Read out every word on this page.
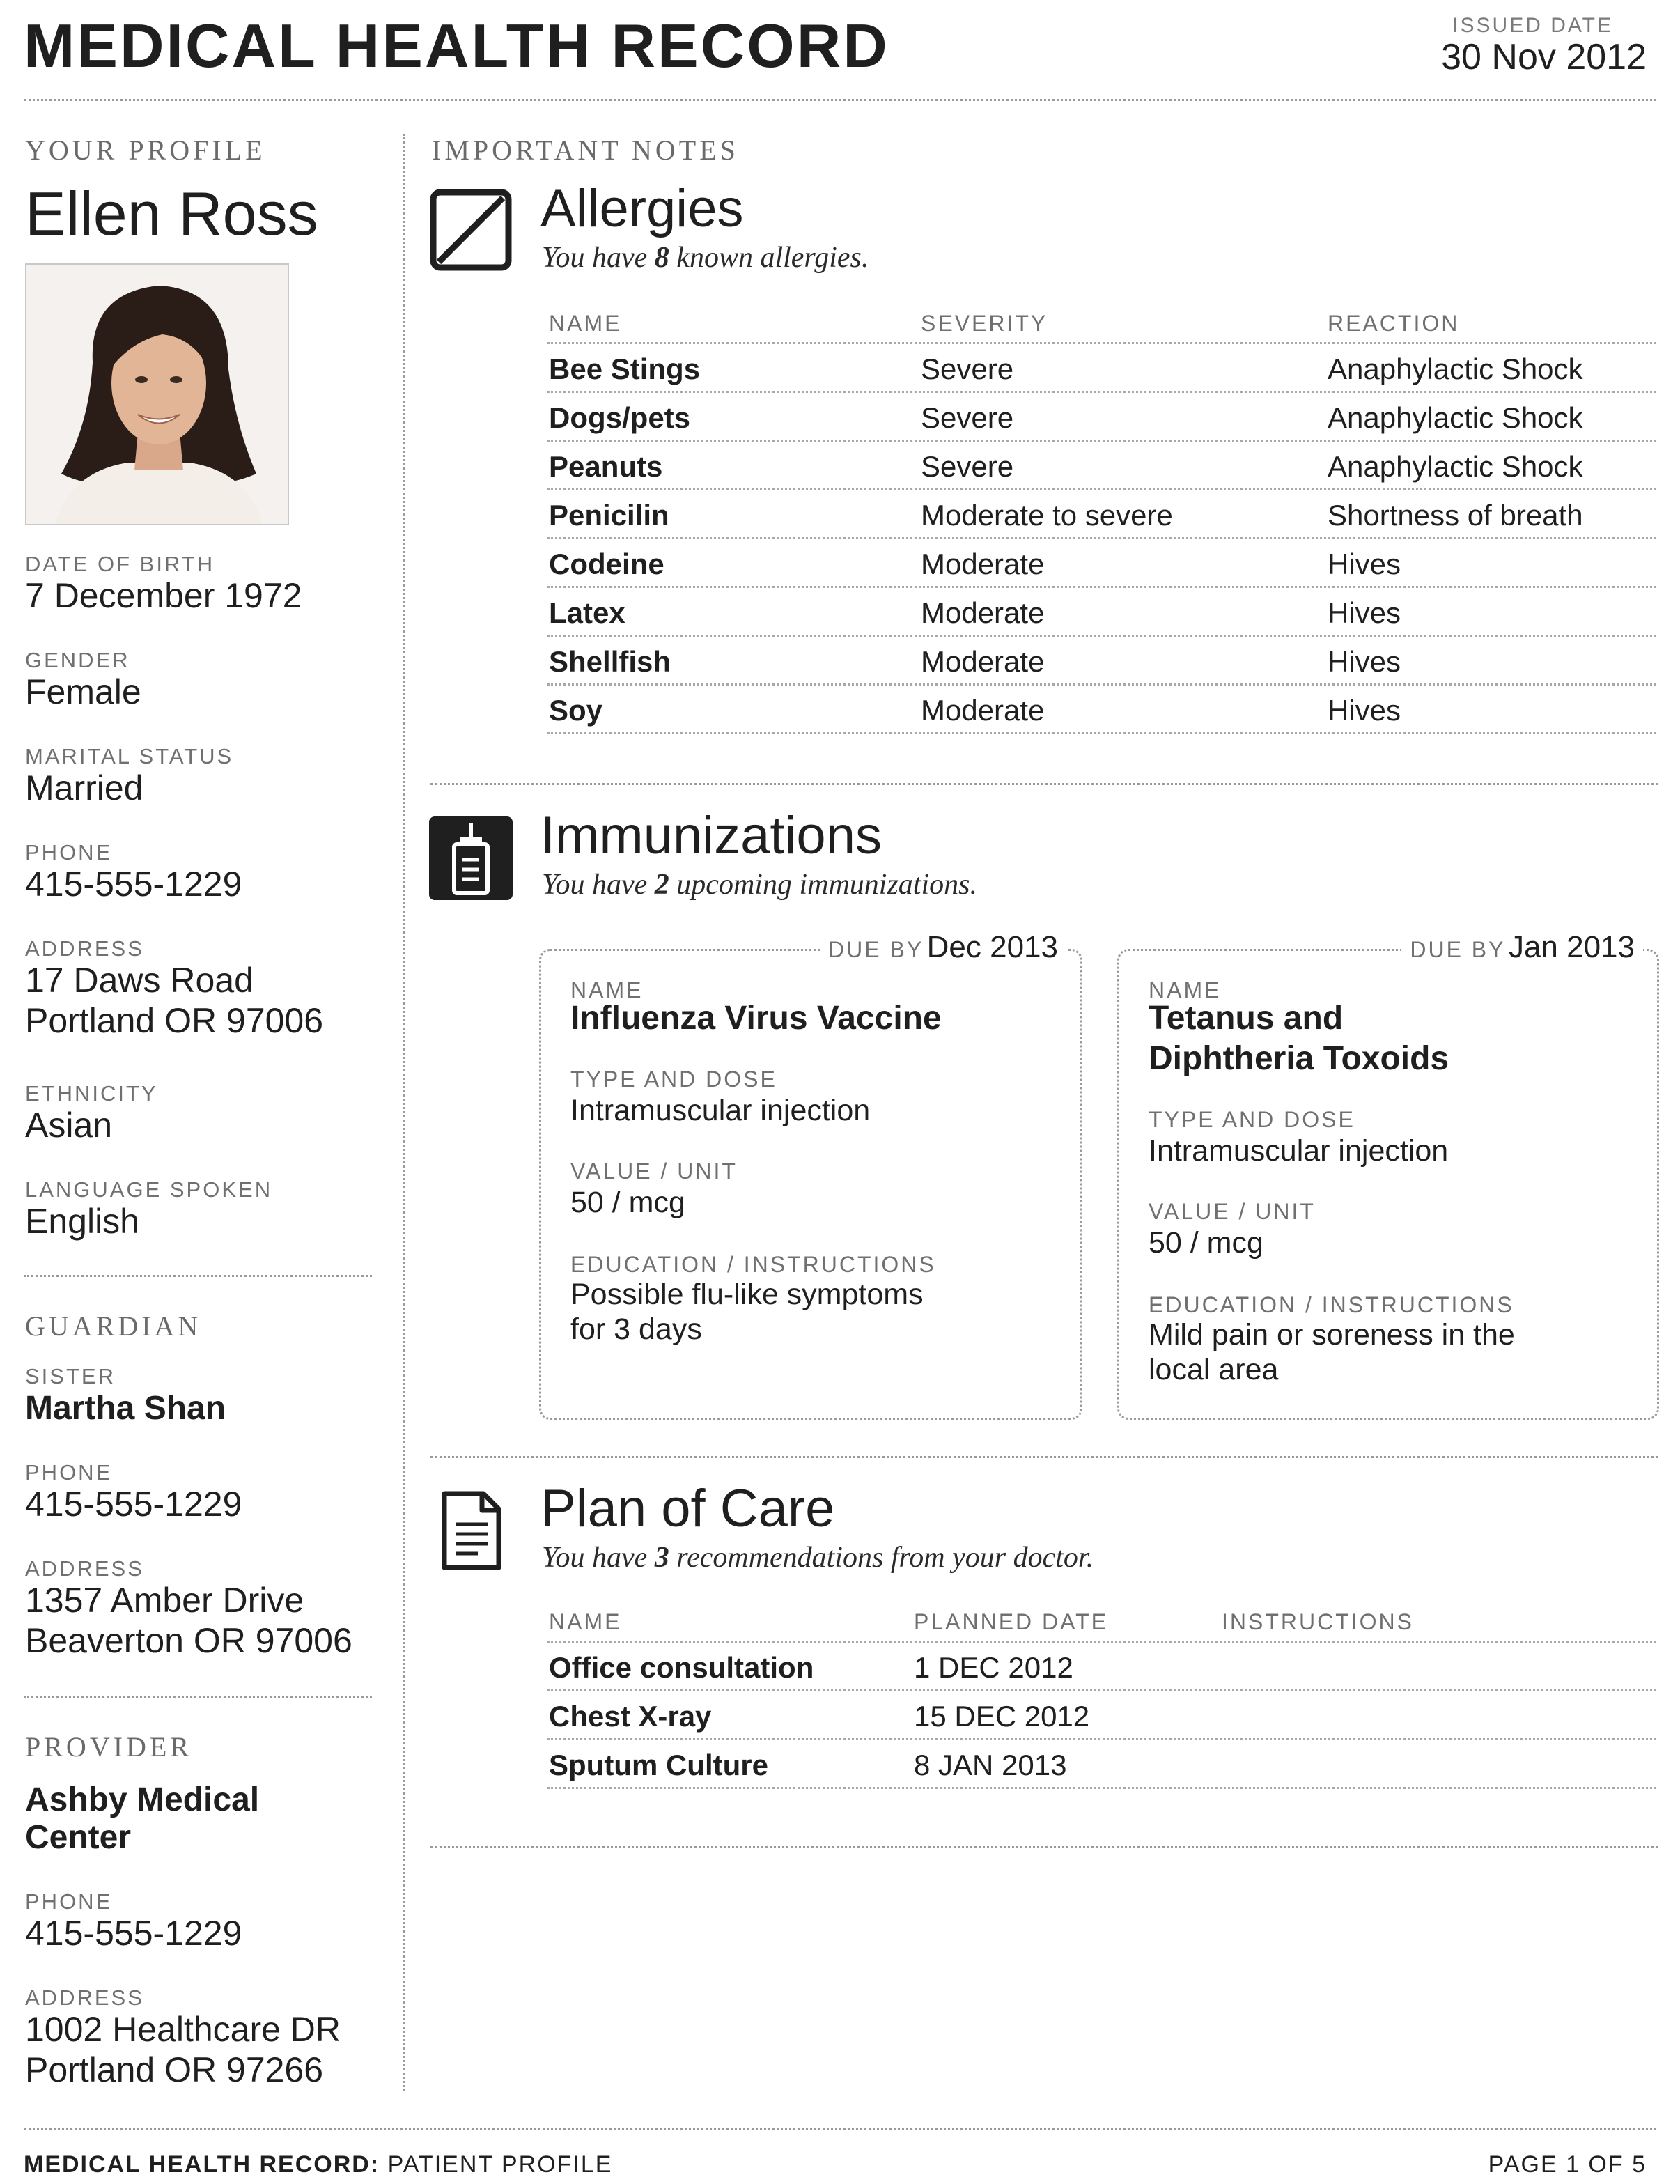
MEDICAL HEALTH RECORD	ISSUED DATE
30 Nov 2012
YOUR PROFILE
Ellen Ross
DATE OF BIRTH
7 December 1972
GENDER
Female
MARITAL STATUS
Married
PHONE
415-555-1229
ADDRESS
17 Daws Road
Portland OR 97006
ETHNICITY
Asian
LANGUAGE SPOKEN
English
GUARDIAN
SISTER
Martha Shan
PHONE
415-555-1229
ADDRESS
1357 Amber Drive
Beaverton OR 97006
PROVIDER
Ashby Medical
Center
PHONE
415-555-1229
ADDRESS
1002 Healthcare DR
Portland OR 97266
IMPORTANT NOTES
Allergies
You have 8 known allergies.
NAME	SEVERITY	REACTION
Bee Stings	Severe	Anaphylactic Shock
Dogs/pets	Severe	Anaphylactic Shock
Peanuts	Severe	Anaphylactic Shock
Penicilin	Moderate to severe	Shortness of breath
Codeine	Moderate	Hives
Latex	Moderate	Hives
Shellfish	Moderate	Hives
Soy	Moderate	Hives
Immunizations
You have 2 upcoming immunizations.
DUE BY Dec 2013
NAME
Influenza Virus Vaccine
TYPE AND DOSE
Intramuscular injection
VALUE / UNIT
50 / mcg
EDUCATION / INSTRUCTIONS
Possible flu-like symptoms
for 3 days
DUE BY Jan 2013
NAME
Tetanus and
Diphtheria Toxoids
TYPE AND DOSE
Intramuscular injection
VALUE / UNIT
50 / mcg
EDUCATION / INSTRUCTIONS
Mild pain or soreness in the
local area
Plan of Care
You have 3 recommendations from your doctor.
NAME	PLANNED DATE	INSTRUCTIONS
Office consultation	1 DEC 2012
Chest X-ray	15 DEC 2012
Sputum Culture	8 JAN 2013
MEDICAL HEALTH RECORD: PATIENT PROFILE	PAGE 1 OF 5
